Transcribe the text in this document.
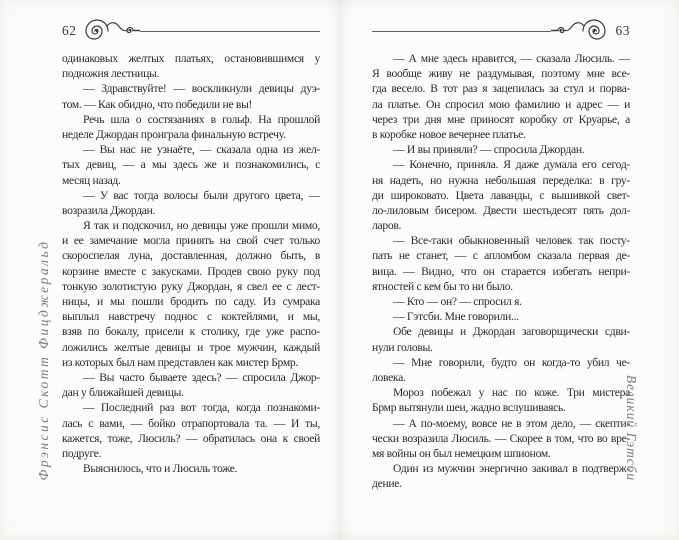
62
одинаковых желтых платьях, остановившимся у
подножия лестницы.
— Здравствуйте! — воскликнули девицы дуэ-
том. — Как обидно, что победили не вы!
Речь шла о состязаниях в гольф. На прошлой
неделе Джордан проиграла финальную встречу.
— Вы нас не узнаёте, — сказала одна из жел-
тых девиц, — а мы здесь же и познакомились, с
месяц назад.
— У вас тогда волосы были другого цвета, —
возразила Джордан.
Я так и подскочил, но девицы уже прошли мимо,
и ее замечание могла принять на свой счет только
скороспелая луна, доставленная, должно быть, в
корзине вместе с закусками. Продев свою руку под
тонкую золотистую руку Джордан, я свел ее с лест-
ницы, и мы пошли бродить по саду. Из сумрака
выплыл навстречу поднос с коктейлями, и мы,
взяв по бокалу, присели к столику, где уже распо-
ложились желтые девицы и трое мужчин, каждый
из которых был нам представлен как мистер Брмр.
— Вы часто бываете здесь? — спросила Джор-
дан у ближайшей девицы.
— Последний раз вот тогда, когда познакоми-
лась с вами, — бойко отрапортовала та. — И ты,
кажется, тоже, Люсиль? — обратилась она к своей
подруге.
Выяснилось, что и Люсиль тоже.
63
— А мне здесь нравится, — сказала Люсиль. —
Я вообще живу не раздумывая, поэтому мне все-
гда весело. В тот раз я зацепилась за стул и порва-
ла платье. Он спросил мою фамилию и адрес — и
через три дня мне приносят коробку от Круарье, а
в коробке новое вечернее платье.
— И вы приняли? — спросила Джордан.
— Конечно, приняла. Я даже думала его сегод-
ня надеть, но нужна небольшая переделка: в гру-
ди широковато. Цвета лаванды, с вышивкой свет-
ло-лиловым бисером. Двести шестьдесят пять дол-
ларов.
— Все-таки обыкновенный человек так посту-
пать не станет, — с апломбом сказала первая де-
вица. — Видно, что он старается избегать непри-
ятностей с кем бы то ни было.
— Кто — он? — спросил я.
— Гэтсби. Мне говорили...
Обе девицы и Джордан заговорщически сдви-
нули головы.
— Мне говорили, будто он когда-то убил че-
ловека.
Мороз побежал у нас по коже. Три мистера
Брмр вытянули шеи, жадно вслушиваясь.
— А по-моему, вовсе не в этом дело, — скепти-
чески возразила Люсиль. — Скорее в том, что во вре-
мя войны он был немецким шпионом.
Один из мужчин энергично закивал в подтверж-
дение.
Фрэнсис Скотт Фицджеральд	Великий Гэтсби
